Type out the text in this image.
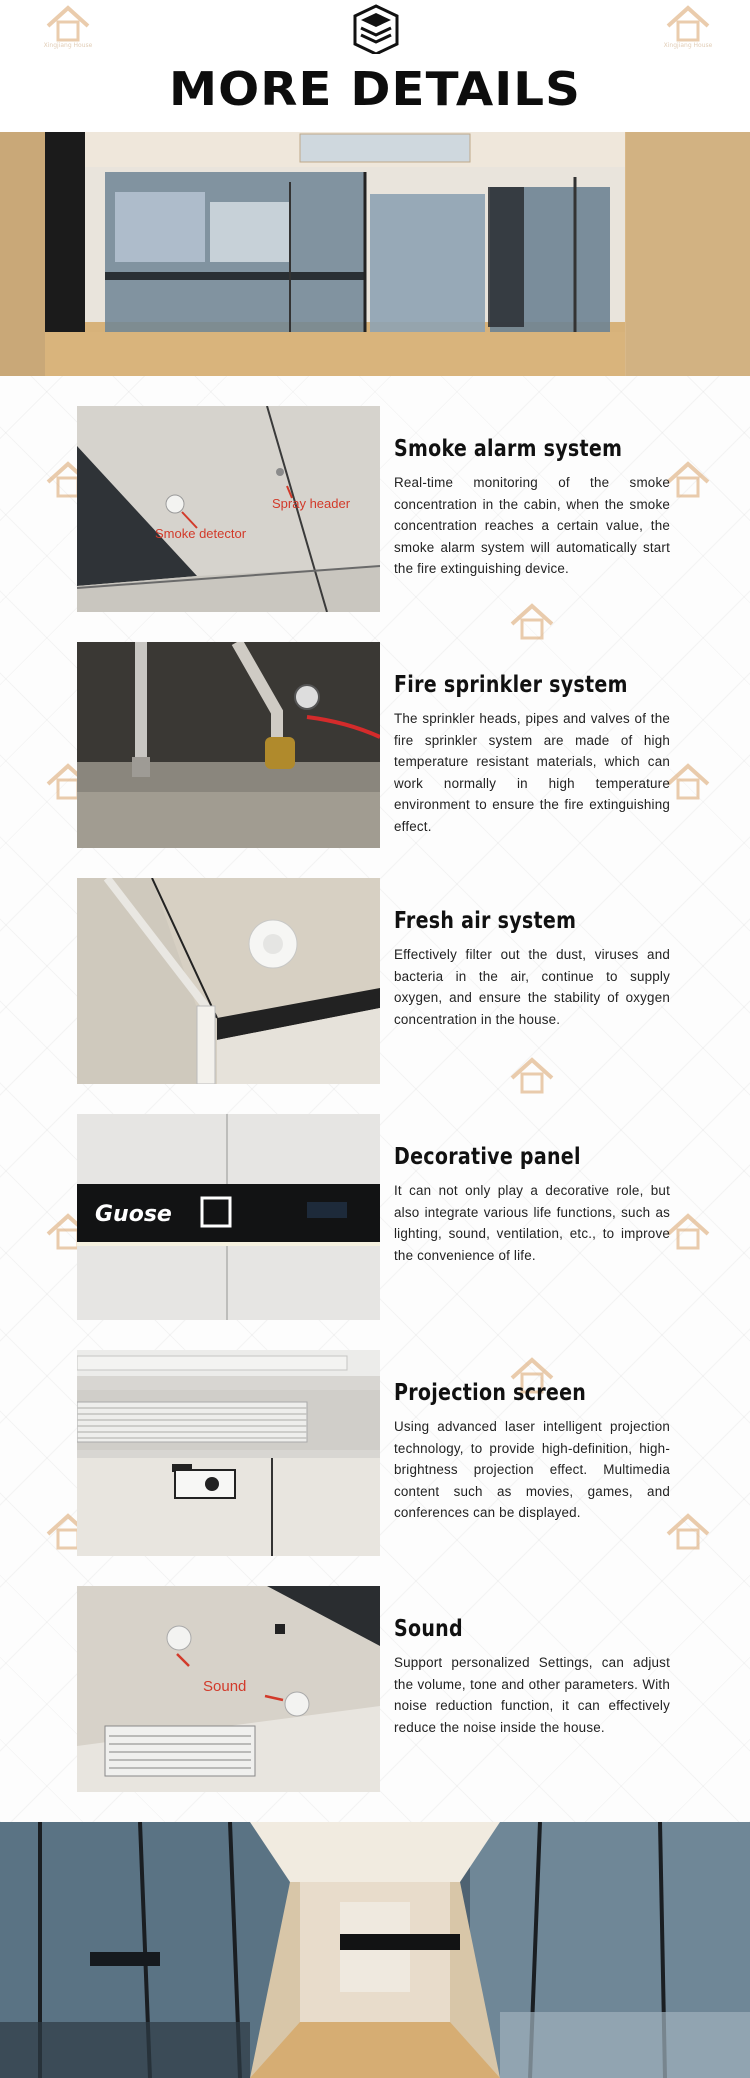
Xingjiang House	Xingjiang House
MORE DETAILS
Spray header
Smoke detector
Smoke alarm system

Real-time monitoring of the smoke concentration in the cabin, when the smoke concentration reaches a certain value, the smoke alarm system will automatically start the fire extinguishing device.

Fire sprinkler system

The sprinkler heads, pipes and valves of the fire sprinkler system are made of high temperature resistant materials, which can work normally in high temperature environment to ensure the fire extinguishing effect.

Fresh air system

Effectively filter out the dust, viruses and bacteria in the air, continue to supply oxygen, and ensure the stability of oxygen concentration in the house.

Guose
Decorative panel

It can not only play a decorative role, but also integrate various life functions, such as lighting, sound, ventilation, etc., to improve the convenience of life.

Projection screen

Using advanced laser intelligent projection technology, to provide high-definition, high-brightness projection effect. Multimedia content such as movies, games, and conferences can be displayed.

Sound
Sound

Support personalized Settings, can adjust the volume, tone and other parameters. With noise reduction function, it can effectively reduce the noise inside the house.
